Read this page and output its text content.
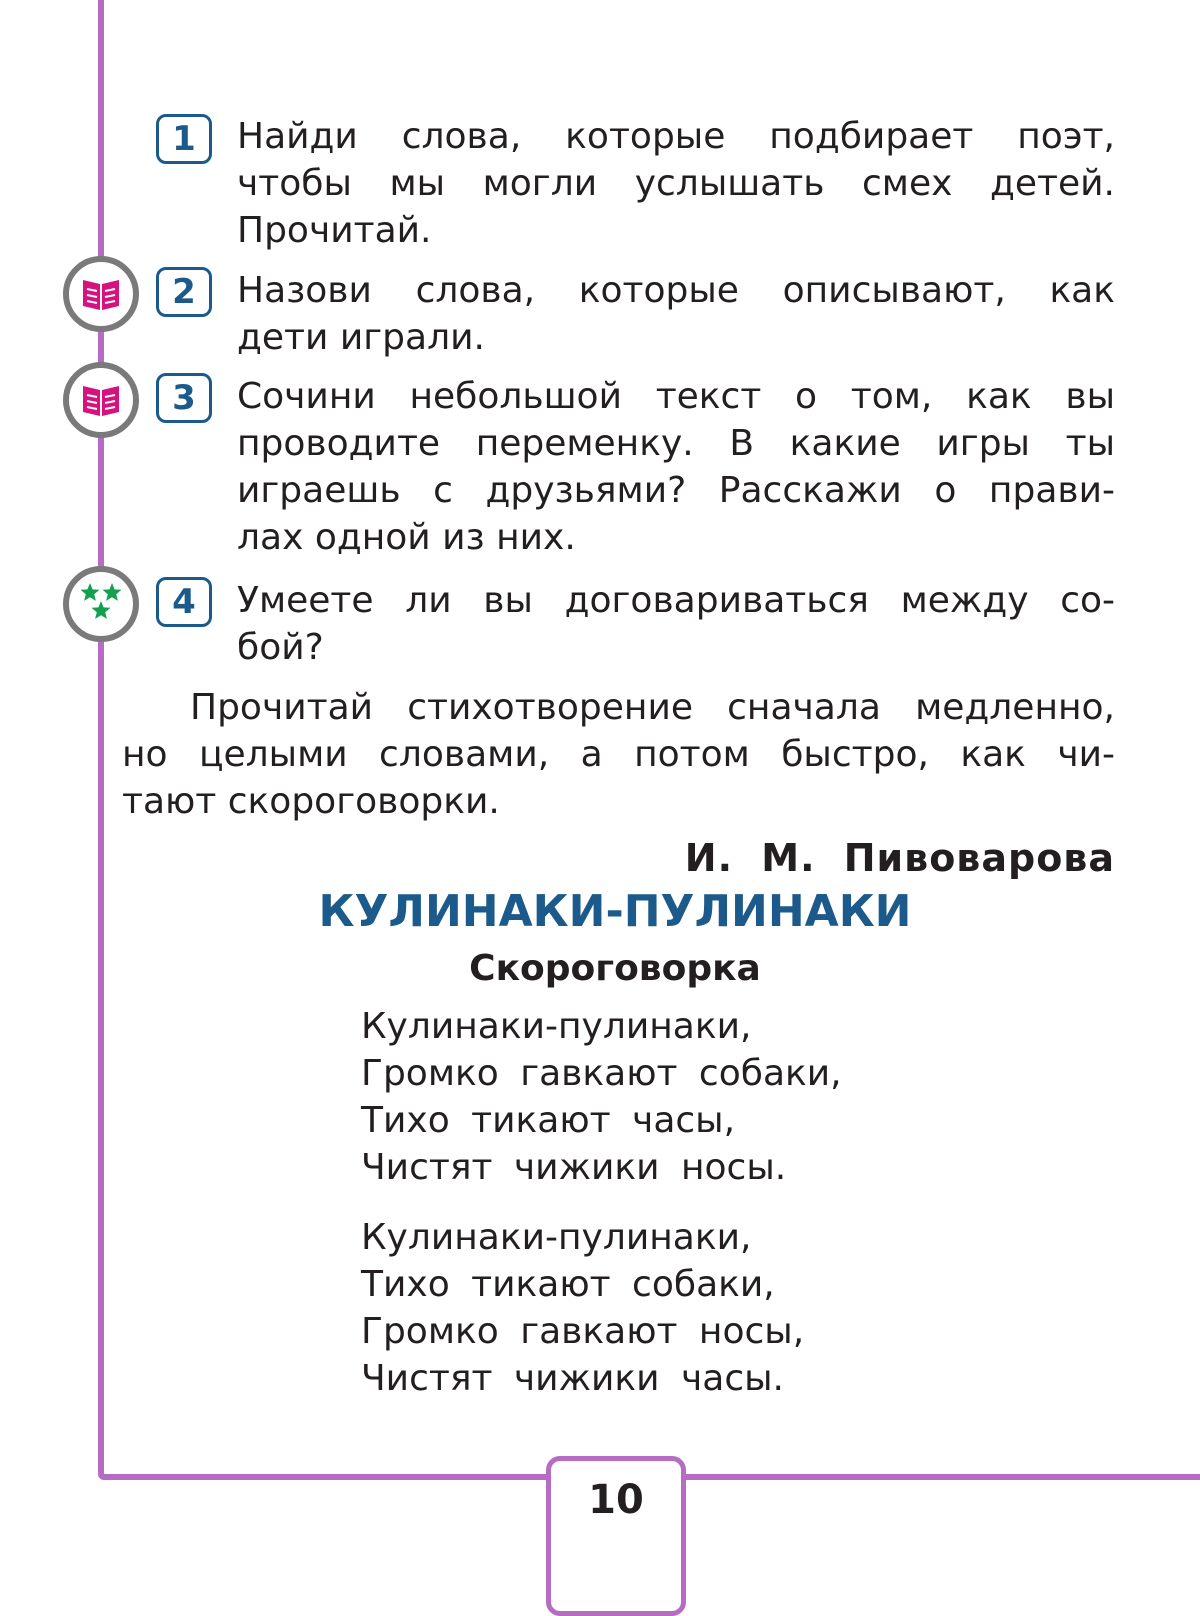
1	Найди слова, которые подбирает поэт,
чтобы мы могли услышать смех детей.
Прочитай.
2	Назови слова, которые описывают, как
дети играли.
3	Сочини небольшой текст о том, как вы
проводите переменку. В какие игры ты
играешь с друзьями? Расскажи о прави-
лах одной из них.
4	Умеете ли вы договариваться между со-
бой?
Прочитай стихотворение сначала медленно,
но целыми словами, а потом быстро, как чи-
тают скороговорки.
И. М. Пивоварова
КУЛИНАКИ-ПУЛИНАКИ
Скороговорка
Кулинаки-пулинаки,
Громко гавкают собаки,
Тихо тикают часы,
Чистят чижики носы.
Кулинаки-пулинаки,
Тихо тикают собаки,
Громко гавкают носы,
Чистят чижики часы.
10
